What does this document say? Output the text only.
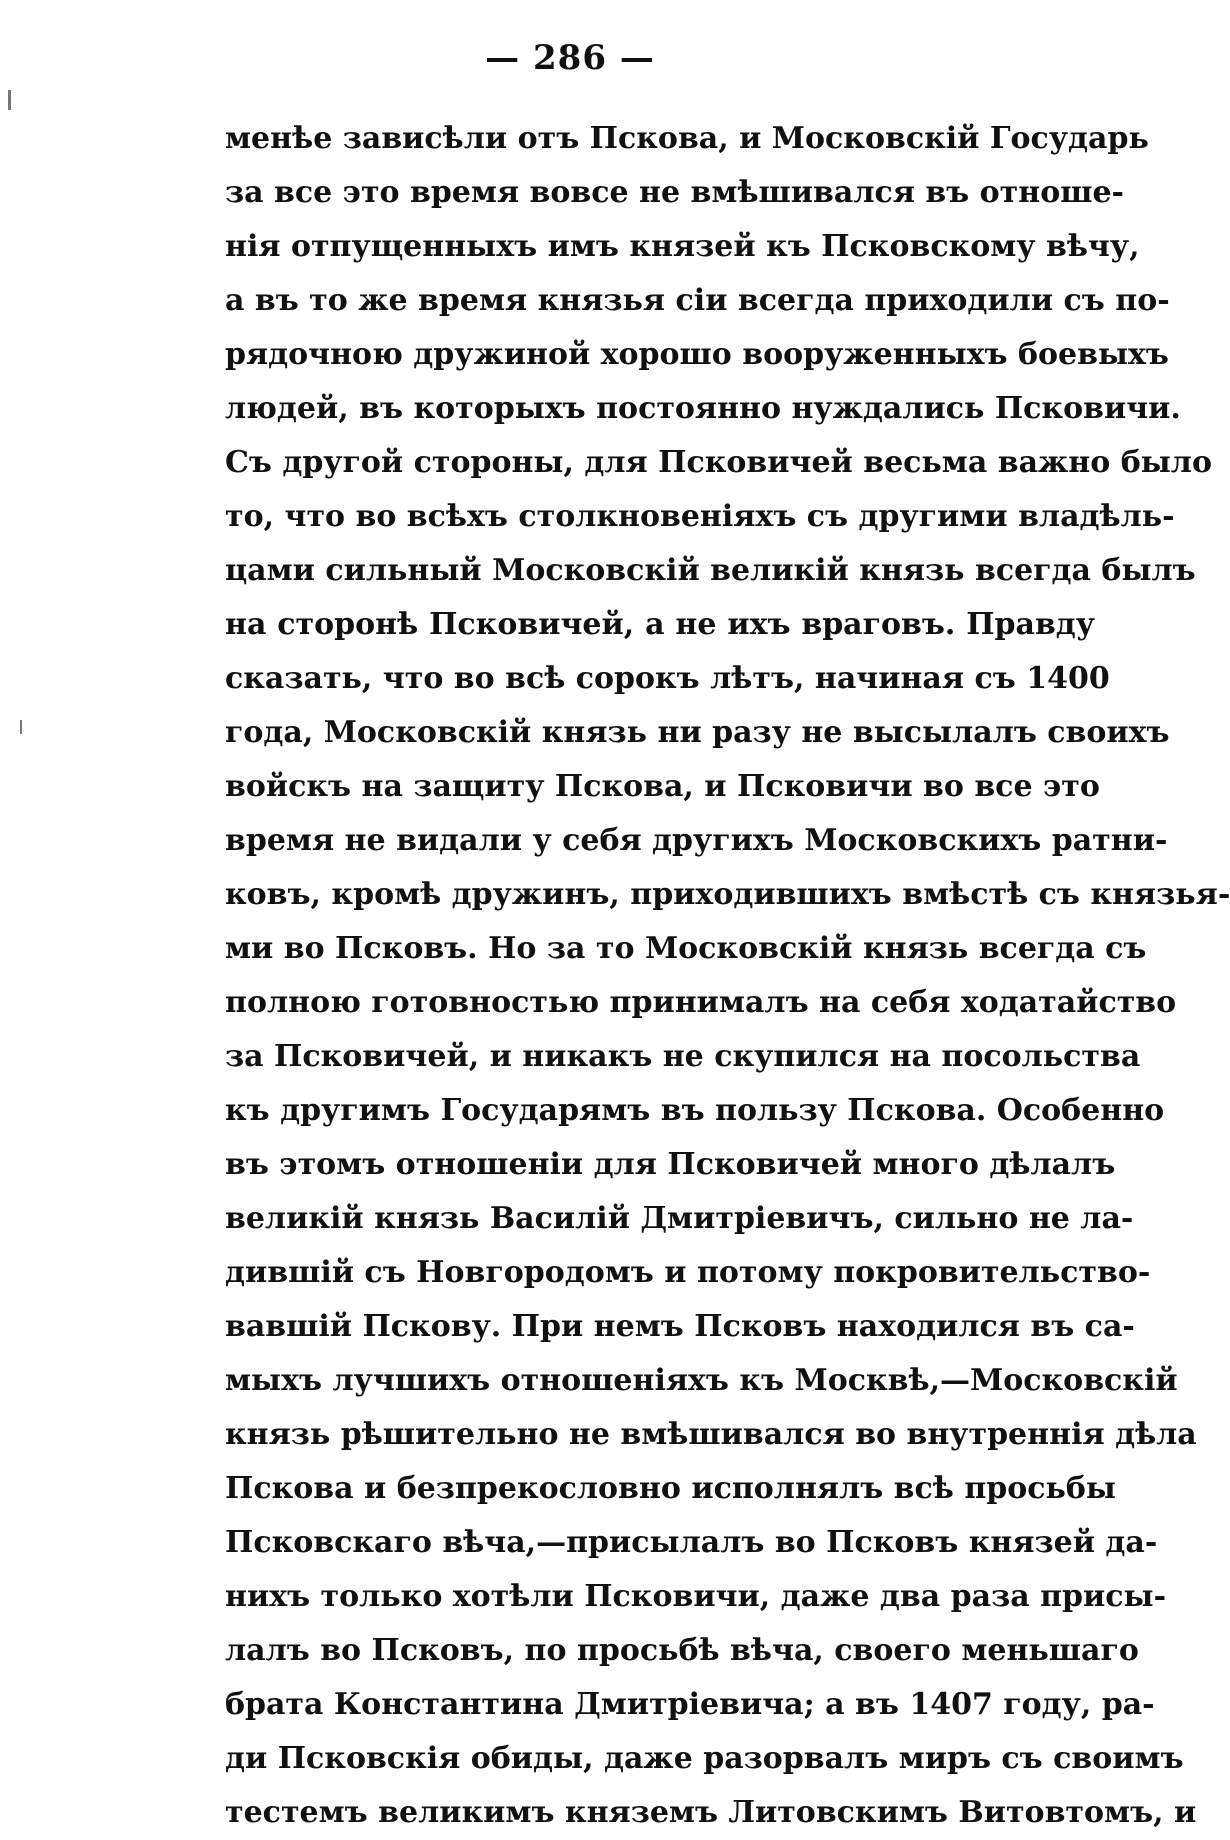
— 286 —
менѣе зависѣли отъ Пскова, и Московскій Государь
за все это время вовсе не вмѣшивался въ отноше-
нія отпущенныхъ имъ князей къ Псковскому вѣчу,
а въ то же время князья сіи всегда приходили съ по-
рядочною дружиной хорошо вооруженныхъ боевыхъ
людей, въ которыхъ постоянно нуждались Псковичи.
Съ другой стороны, для Псковичей весьма важно было
то, что во всѣхъ столкновеніяхъ съ другими владѣль-
цами сильный Московскій великій князь всегда былъ
на сторонѣ Псковичей, а не ихъ враговъ. Правду
сказать, что во всѣ сорокъ лѣтъ, начиная съ 1400
года, Московскій князь ни разу не высылалъ своихъ
войскъ на защиту Пскова, и Псковичи во все это
время не видали у себя другихъ Московскихъ ратни-
ковъ, кромѣ дружинъ, приходившихъ вмѣстѣ съ князья-
ми во Псковъ. Но за то Московскій князь всегда съ
полною готовностью принималъ на себя ходатайство
за Псковичей, и никакъ не скупился на посольства
къ другимъ Государямъ въ пользу Пскова. Особенно
въ этомъ отношеніи для Псковичей много дѣлалъ
великій князь Василій Дмитріевичъ, сильно не ла-
дившій съ Новгородомъ и потому покровительство-
вавшій Пскову. При немъ Псковъ находился въ са-
мыхъ лучшихъ отношеніяхъ къ Москвѣ,—Московскій
князь рѣшительно не вмѣшивался во внутреннія дѣла
Пскова и безпрекословно исполнялъ всѣ просьбы
Псковскаго вѣча,—присылалъ во Псковъ князей да-
нихъ только хотѣли Псковичи, даже два раза присы-
лалъ во Псковъ, по просьбѣ вѣча, своего меньшаго
брата Константина Дмитріевича; а въ 1407 году, ра-
ди Псковскія обиды, даже разорвалъ миръ съ своимъ
тестемъ великимъ княземъ Литовскимъ Витовтомъ, и
